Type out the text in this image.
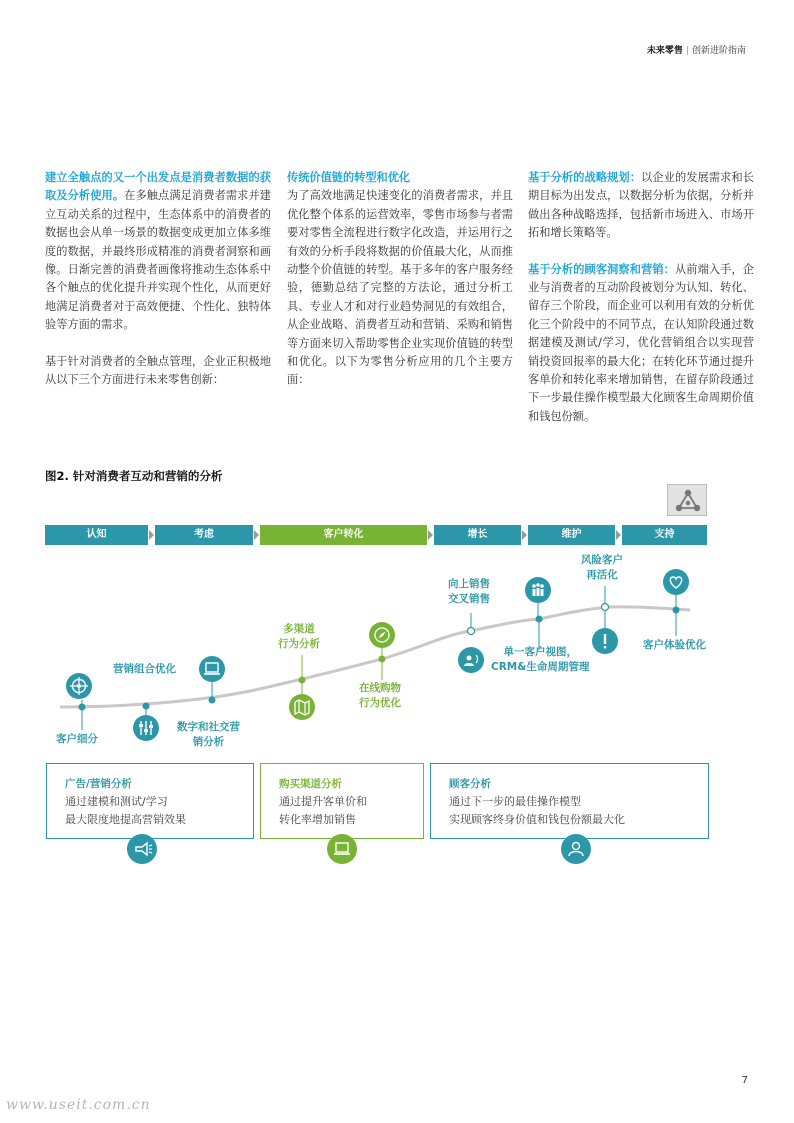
未来零售 | 创新进阶指南

建立全触点的又一个出发点是消费者数据的获取及分析使用。在多触点满足消费者需求并建立互动关系的过程中，生态体系中的消费者的数据也会从单一场景的数据变成更加立体多维度的数据，并最终形成精准的消费者洞察和画像。日渐完善的消费者画像将推动生态体系中各个触点的优化提升并实现个性化，从而更好地满足消费者对于高效便捷、个性化、独特体验等方面的需求。

基于针对消费者的全触点管理，企业正积极地从以下三个方面进行未来零售创新：

传统价值链的转型和优化
为了高效地满足快速变化的消费者需求，并且优化整个体系的运营效率，零售市场参与者需要对零售全流程进行数字化改造，并运用行之有效的分析手段将数据的价值最大化，从而推动整个价值链的转型。基于多年的客户服务经验，德勤总结了完整的方法论，通过分析工具、专业人才和对行业趋势洞见的有效组合，从企业战略、消费者互动和营销、采购和销售等方面来切入帮助零售企业实现价值链的转型和优化。以下为零售分析应用的几个主要方面：

基于分析的战略规划：以企业的发展需求和长期目标为出发点，以数据分析为依据，分析并做出各种战略选择，包括新市场进入、市场开拓和增长策略等。

基于分析的顾客洞察和营销：从前端入手，企业与消费者的互动阶段被划分为认知、转化、留存三个阶段，而企业可以利用有效的分析优化三个阶段中的不同节点，在认知阶段通过数据建模及测试/学习，优化营销组合以实现营销投资回报率的最大化；在转化环节通过提升客单价和转化率来增加销售，在留存阶段通过下一步最佳操作模型最大化顾客生命周期价值和钱包份额。

图2. 针对消费者互动和营销的分析
认知	考虑	客户转化	增长	维护	支持
客户细分
营销组合优化
数字和社交营
销分析
多渠道
行为分析
在线购物
行为优化
向上销售
交叉销售
单一客户视图，
CRM&生命周期管理
风险客户
再活化
客户体验优化
广告/营销分析
通过建模和测试/学习
最大限度地提高营销效果
购买渠道分析
通过提升客单价和
转化率增加销售
顾客分析
通过下一步的最佳操作模型
实现顾客终身价值和钱包份额最大化
7
www.useit.com.cn
